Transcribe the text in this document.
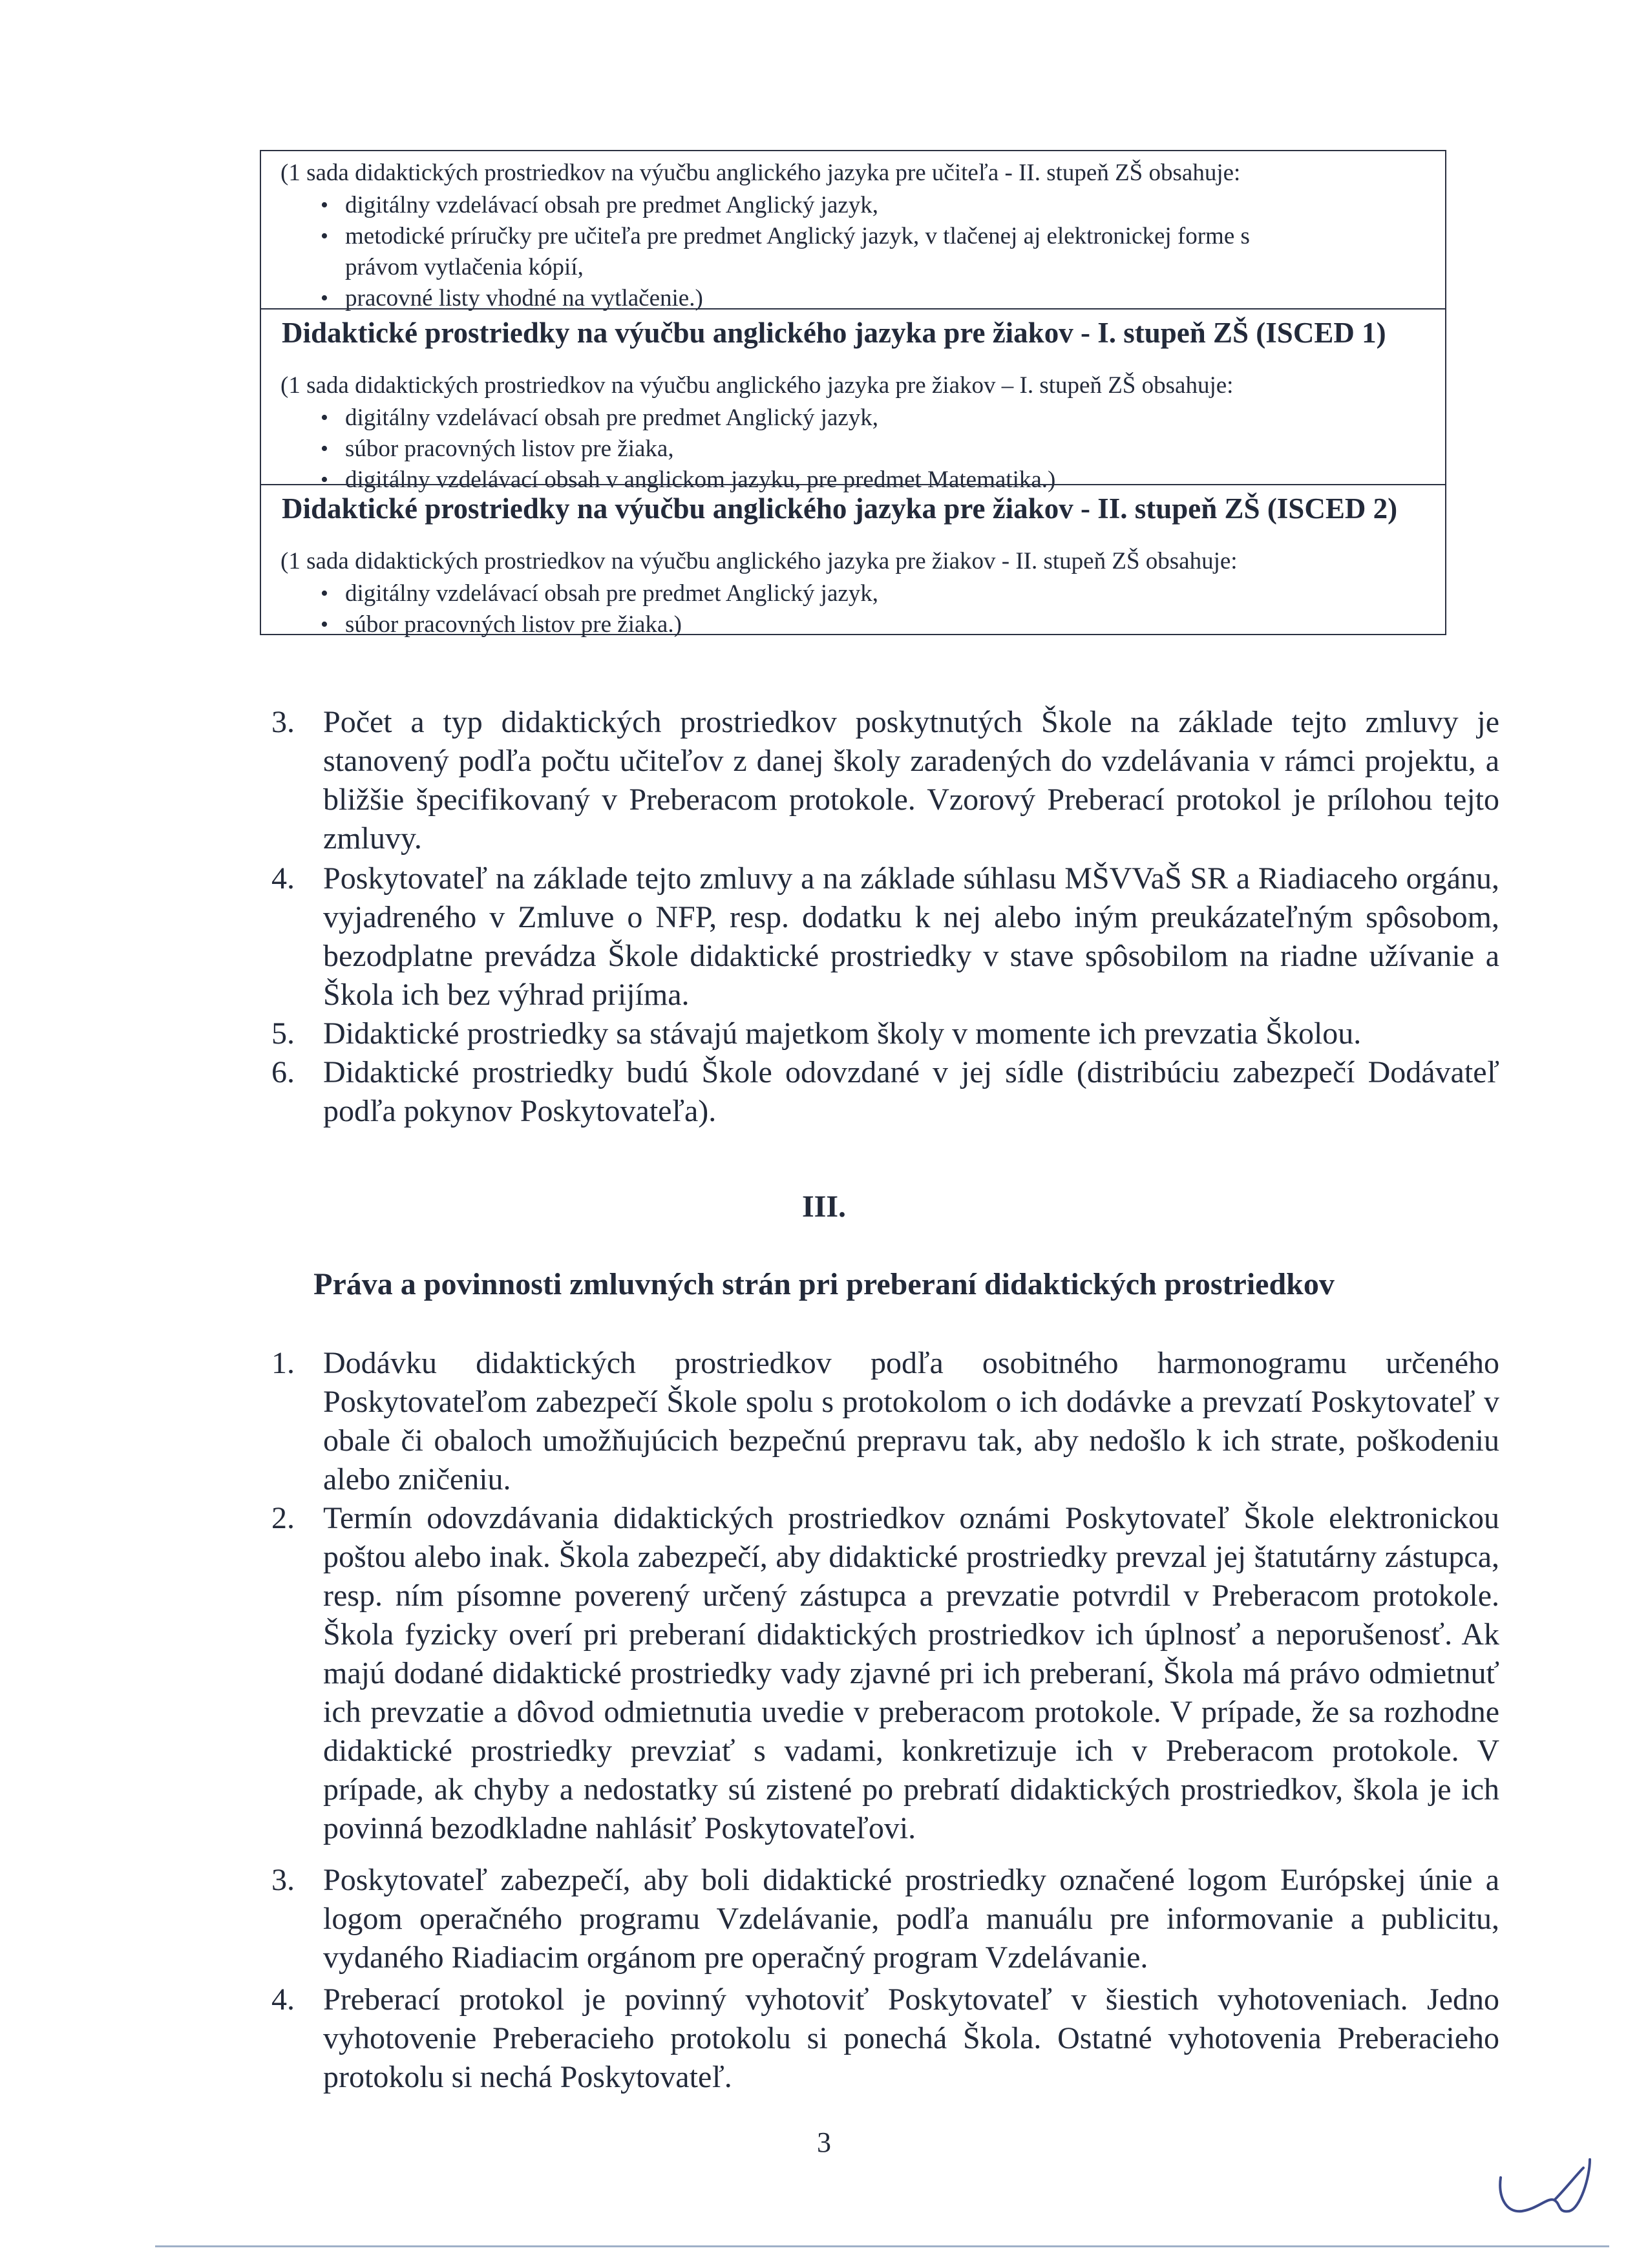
(1 sada didaktických prostriedkov na výučbu anglického jazyka pre učiteľa - II. stupeň ZŠ obsahuje:
• digitálny vzdelávací obsah pre predmet Anglický jazyk,
• metodické príručky pre učiteľa pre predmet Anglický jazyk, v tlačenej aj elektronickej forme s
právom vytlačenia kópií,
• pracovné listy vhodné na vytlačenie.)
Didaktické prostriedky na výučbu anglického jazyka pre žiakov - I. stupeň ZŠ (ISCED 1)
(1 sada didaktických prostriedkov na výučbu anglického jazyka pre žiakov – I. stupeň ZŠ obsahuje:
• digitálny vzdelávací obsah pre predmet Anglický jazyk,
• súbor pracovných listov pre žiaka,
• digitálny vzdelávací obsah v anglickom jazyku, pre predmet Matematika.)
Didaktické prostriedky na výučbu anglického jazyka pre žiakov - II. stupeň ZŠ (ISCED 2)
(1 sada didaktických prostriedkov na výučbu anglického jazyka pre žiakov - II. stupeň ZŠ obsahuje:
• digitálny vzdelávací obsah pre predmet Anglický jazyk,
• súbor pracovných listov pre žiaka.)
3. Počet a typ didaktických prostriedkov poskytnutých Škole na základe tejto zmluvy je stanovený podľa počtu učiteľov z danej školy zaradených do vzdelávania v rámci projektu, a bližšie špecifikovaný v Preberacom protokole. Vzorový Preberací protokol je prílohou tejto zmluvy.
4. Poskytovateľ na základe tejto zmluvy a na základe súhlasu MŠVVaŠ SR a Riadiaceho orgánu, vyjadreného v Zmluve o NFP, resp. dodatku k nej alebo iným preukázateľným spôsobom, bezodplatne prevádza Škole didaktické prostriedky v stave spôsobilom na riadne užívanie a Škola ich bez výhrad prijíma.
5. Didaktické prostriedky sa stávajú majetkom školy v momente ich prevzatia Školou.
6. Didaktické prostriedky budú Škole odovzdané v jej sídle (distribúciu zabezpečí Dodávateľ podľa pokynov Poskytovateľa).
III.
Práva a povinnosti zmluvných strán pri preberaní didaktických prostriedkov
1. Dodávku didaktických prostriedkov podľa osobitného harmonogramu určeného Poskytovateľom zabezpečí Škole spolu s protokolom o ich dodávke a prevzatí Poskytovateľ v obale či obaloch umožňujúcich bezpečnú prepravu tak, aby nedošlo k ich strate, poškodeniu alebo zničeniu.
2. Termín odovzdávania didaktických prostriedkov oznámi Poskytovateľ Škole elektronickou poštou alebo inak. Škola zabezpečí, aby didaktické prostriedky prevzal jej štatutárny zástupca, resp. ním písomne poverený určený zástupca a prevzatie potvrdil v Preberacom protokole. Škola fyzicky overí pri preberaní didaktických prostriedkov ich úplnosť a neporušenosť. Ak majú dodané didaktické prostriedky vady zjavné pri ich preberaní, Škola má právo odmietnuť ich prevzatie a dôvod odmietnutia uvedie v preberacom protokole. V prípade, že sa rozhodne didaktické prostriedky prevziať s vadami, konkretizuje ich v Preberacom protokole. V prípade, ak chyby a nedostatky sú zistené po prebratí didaktických prostriedkov, škola je ich povinná bezodkladne nahlásiť Poskytovateľovi.
3. Poskytovateľ zabezpečí, aby boli didaktické prostriedky označené logom Európskej únie a logom operačného programu Vzdelávanie, podľa manuálu pre informovanie a publicitu, vydaného Riadiacim orgánom pre operačný program Vzdelávanie.
4. Preberací protokol je povinný vyhotoviť Poskytovateľ v šiestich vyhotoveniach. Jedno vyhotovenie Preberacieho protokolu si ponechá Škola. Ostatné vyhotovenia Preberacieho protokolu si nechá Poskytovateľ.
3
